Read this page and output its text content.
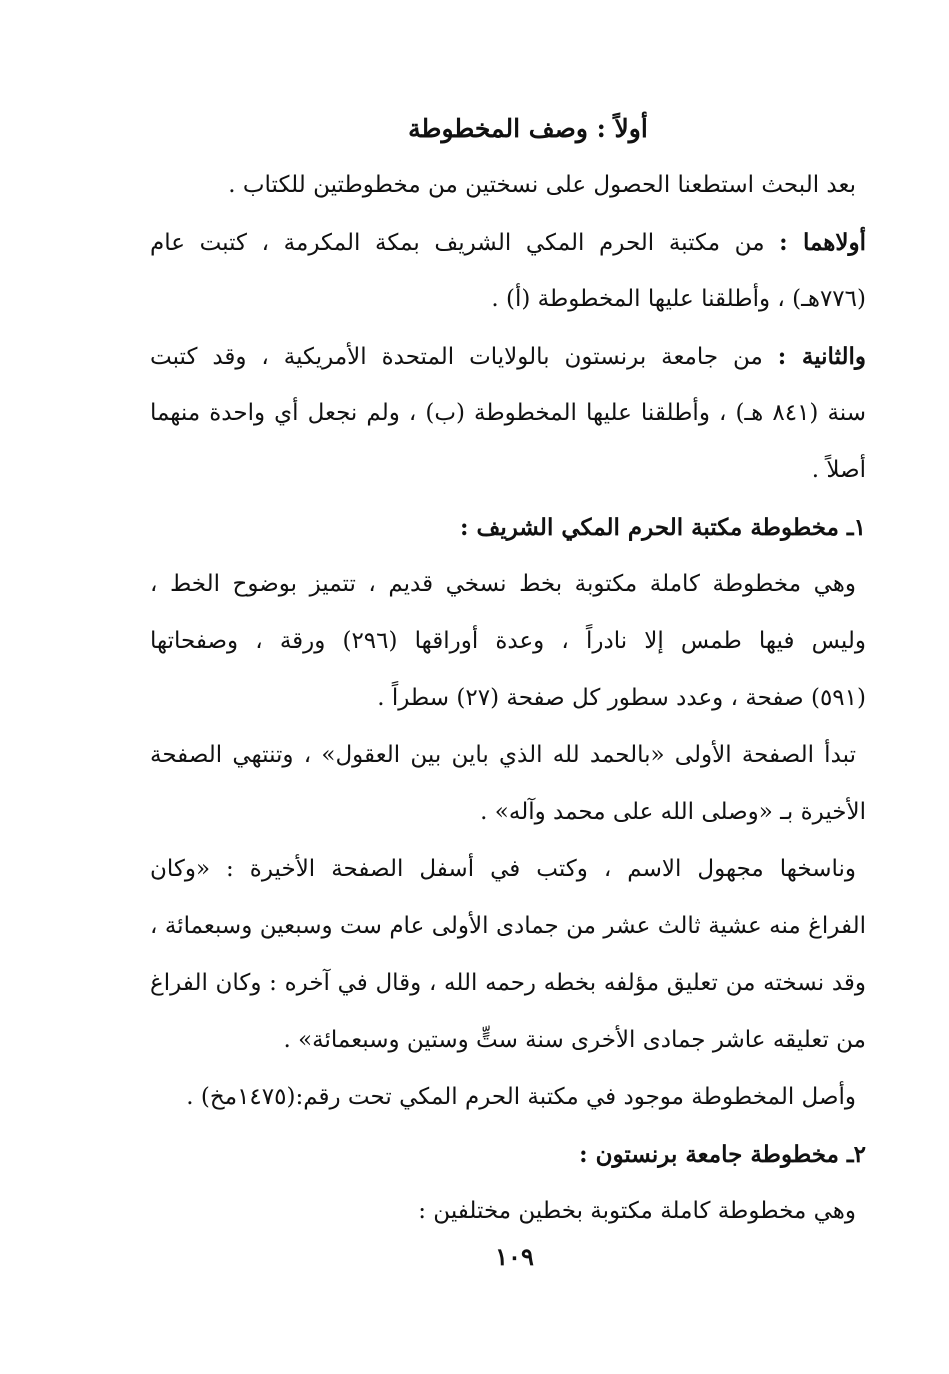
أولاً : وصف المخطوطة
بعد البحث استطعنا الحصول على نسختين من مخطوطتين للكتاب .
أولاهما : من مكتبة الحرم المكي الشريف بمكة المكرمة ، كتبت عام
(٧٧٦هـ) ، وأطلقنا عليها المخطوطة (أ) .
والثانية : من جامعة برنستون بالولايات المتحدة الأمريكية ، وقد كتبت
سنة (٨٤١ هـ) ، وأطلقنا عليها المخطوطة (ب) ، ولم نجعل أي واحدة منهما
أصلاً .
١ـ مخطوطة مكتبة الحرم المكي الشريف :
وهي مخطوطة كاملة مكتوبة بخط نسخي قديم ، تتميز بوضوح الخط ،
وليس فيها طمس إلا نادراً ، وعدة أوراقها (٢٩٦) ورقة ، وصفحاتها
(٥٩١) صفحة ، وعدد سطور كل صفحة (٢٧) سطراً .
تبدأ الصفحة الأولى «بالحمد لله الذي باين بين العقول» ، وتنتهي الصفحة
الأخيرة بـ «وصلى الله على محمد وآله» .
وناسخها مجهول الاسم ، وكتب في أسفل الصفحة الأخيرة : «وكان
الفراغ منه عشية ثالث عشر من جمادى الأولى عام ست وسبعين وسبعمائة ،
وقد نسخته من تعليق مؤلفه بخطه رحمه الله ، وقال في آخره : وكان الفراغ
من تعليقه عاشر جمادى الأخرى سنة ستٍّ وستين وسبعمائة» .
وأصل المخطوطة موجود في مكتبة الحرم المكي تحت رقم:(١٤٧٥مخ) .
٢ـ مخطوطة جامعة برنستون :
وهي مخطوطة كاملة مكتوبة بخطين مختلفين :
١٠٩
